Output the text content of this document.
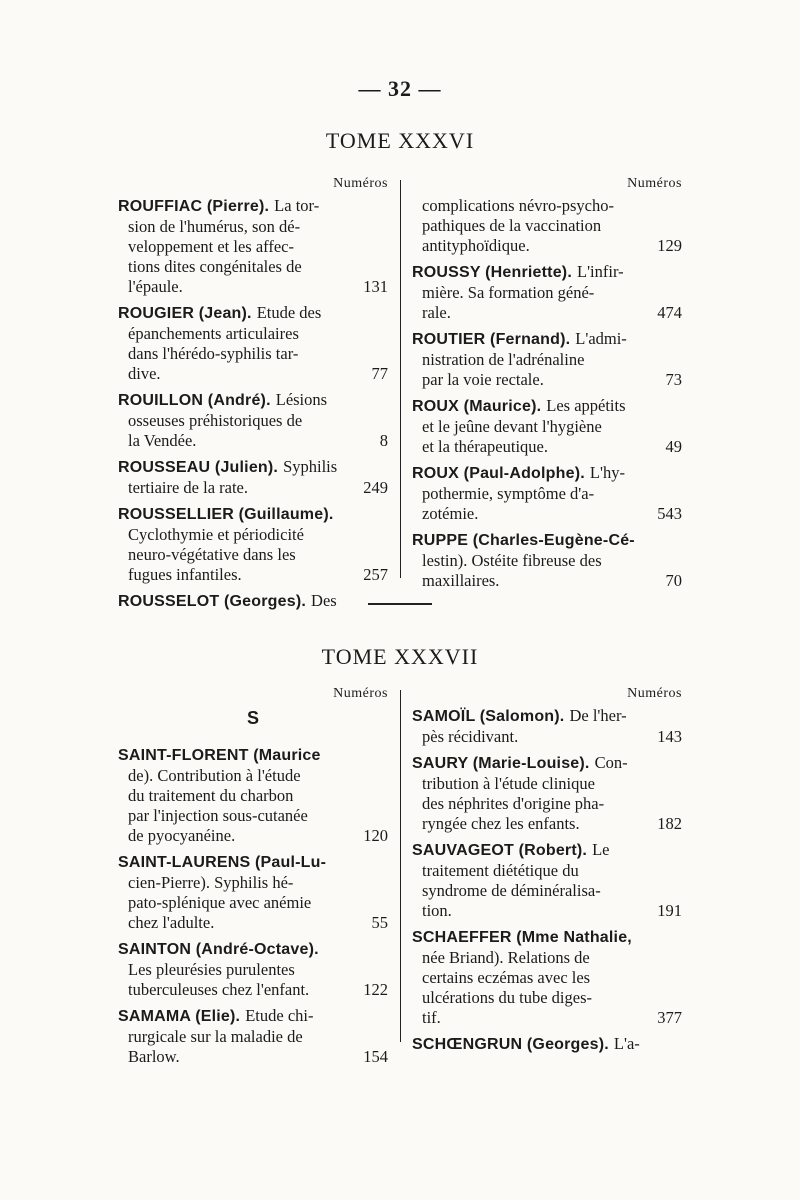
— 32 —
TOME XXXVI
Numéros
ROUFFIAC (Pierre). La tor-
sion de l'humérus, son dé-
veloppement et les affec-
tions dites congénitales de
131
l'épaule.
ROUGIER (Jean). Etude des
épanchements articulaires
dans l'hérédo-syphilis tar-
77
dive.
ROUILLON (André). Lésions
osseuses préhistoriques de
8
la Vendée.
ROUSSEAU (Julien). Syphilis
249
tertiaire de la rate.
ROUSSELLIER (Guillaume).
Cyclothymie et périodicité
neuro-végétative dans les
257
fugues infantiles.
ROUSSELOT (Georges). Des
Numéros
complications névro-psycho-
pathiques de la vaccination
129
antityphoïdique.
ROUSSY (Henriette). L'infir-
mière. Sa formation géné-
474
rale.
ROUTIER (Fernand). L'admi-
nistration de l'adrénaline
73
par la voie rectale.
ROUX (Maurice). Les appétits
et le jeûne devant l'hygiène
49
et la thérapeutique.
ROUX (Paul-Adolphe). L'hy-
pothermie, symptôme d'a-
543
zotémie.
RUPPE (Charles-Eugène-Cé-
lestin). Ostéite fibreuse des
70
maxillaires.
TOME XXXVII
Numéros
S
SAINT-FLORENT (Maurice
de). Contribution à l'étude
du traitement du charbon
par l'injection sous-cutanée
120
de pyocyanéine.
SAINT-LAURENS (Paul-Lu-
cien-Pierre). Syphilis hé-
pato-splénique avec anémie
55
chez l'adulte.
SAINTON (André-Octave).
Les pleurésies purulentes
122
tuberculeuses chez l'enfant.
SAMAMA (Elie). Etude chi-
rurgicale sur la maladie de
154
Barlow.
Numéros
SAMOÏL (Salomon). De l'her-
143
pès récidivant.
SAURY (Marie-Louise). Con-
tribution à l'étude clinique
des néphrites d'origine pha-
182
ryngée chez les enfants.
SAUVAGEOT (Robert). Le
traitement diététique du
syndrome de déminéralisa-
191
tion.
SCHAEFFER (Mme Nathalie,
née Briand). Relations de
certains eczémas avec les
ulcérations du tube diges-
377
tif.
SCHŒNGRUN (Georges). L'a-
